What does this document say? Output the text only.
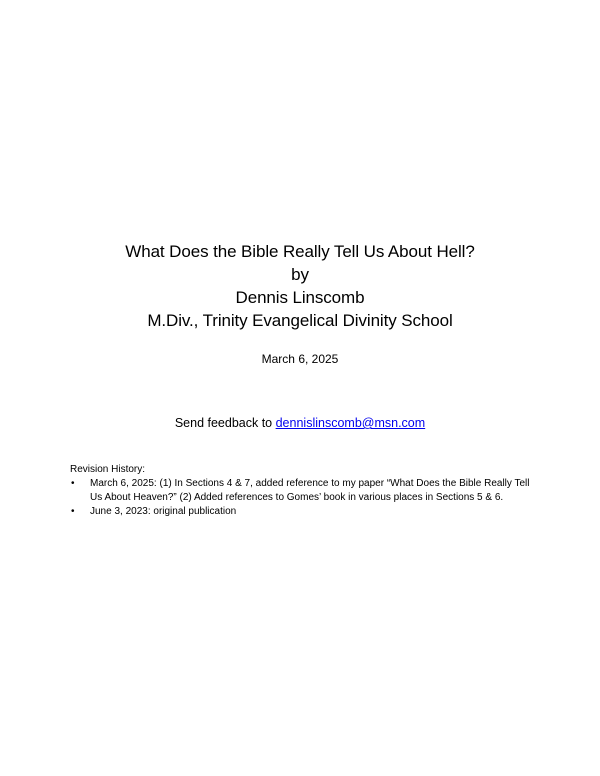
What Does the Bible Really Tell Us About Hell?
by
Dennis Linscomb
M.Div., Trinity Evangelical Divinity School
March 6, 2025
Send feedback to dennislinscomb@msn.com
Revision History:
• March 6, 2025: (1) In Sections 4 & 7, added reference to my paper “What Does the Bible Really Tell Us About Heaven?” (2) Added references to Gomes’ book in various places in Sections 5 & 6.
• June 3, 2023: original publication
